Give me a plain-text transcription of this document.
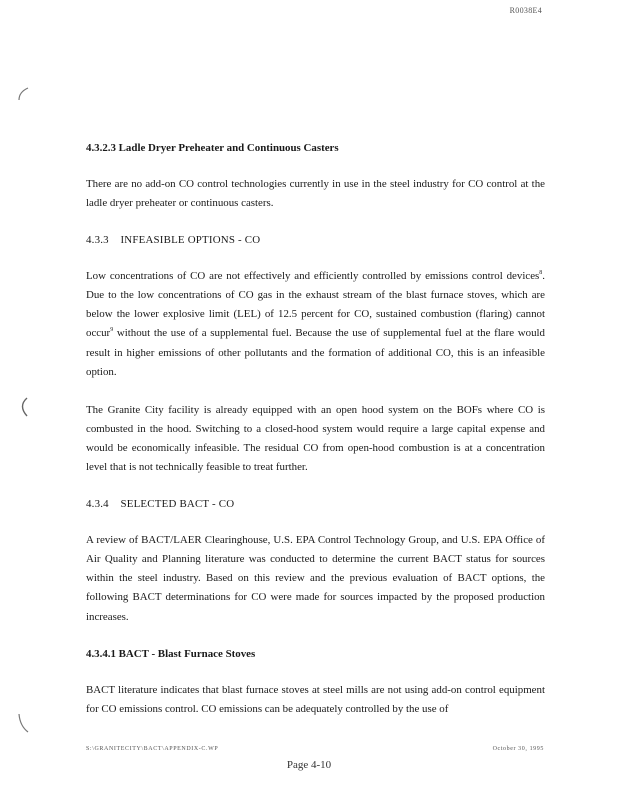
R0038E4
4.3.2.3 Ladle Dryer Preheater and Continuous Casters

There are no add-on CO control technologies currently in use in the steel industry for CO control at the ladle dryer preheater or continuous casters.

4.3.3    INFEASIBLE OPTIONS - CO

Low concentrations of CO are not effectively and efficiently controlled by emissions control devices$^8$. Due to the low concentrations of CO gas in the exhaust stream of the blast furnace stoves, which are below the lower explosive limit (LEL) of 12.5 percent for CO, sustained combustion (flaring) cannot occur$^9$ without the use of a supplemental fuel. Because the use of supplemental fuel at the flare would result in higher emissions of other pollutants and the formation of additional CO, this is an infeasible option.

The Granite City facility is already equipped with an open hood system on the BOFs where CO is combusted in the hood. Switching to a closed-hood system would require a large capital expense and would be economically infeasible. The residual CO from open-hood combustion is at a concentration level that is not technically feasible to treat further.

4.3.4    SELECTED BACT - CO

A review of BACT/LAER Clearinghouse, U.S. EPA Control Technology Group, and U.S. EPA Office of Air Quality and Planning literature was conducted to determine the current BACT status for sources within the steel industry. Based on this review and the previous evaluation of BACT options, the following BACT determinations for CO were made for sources impacted by the proposed production increases.

4.3.4.1 BACT - Blast Furnace Stoves

BACT literature indicates that blast furnace stoves at steel mills are not using add-on control equipment for CO emissions control. CO emissions can be adequately controlled by the use of

S:\GRANITECITY\BACT\APPENDIX-C.WP	October 30, 1995
Page 4-10
